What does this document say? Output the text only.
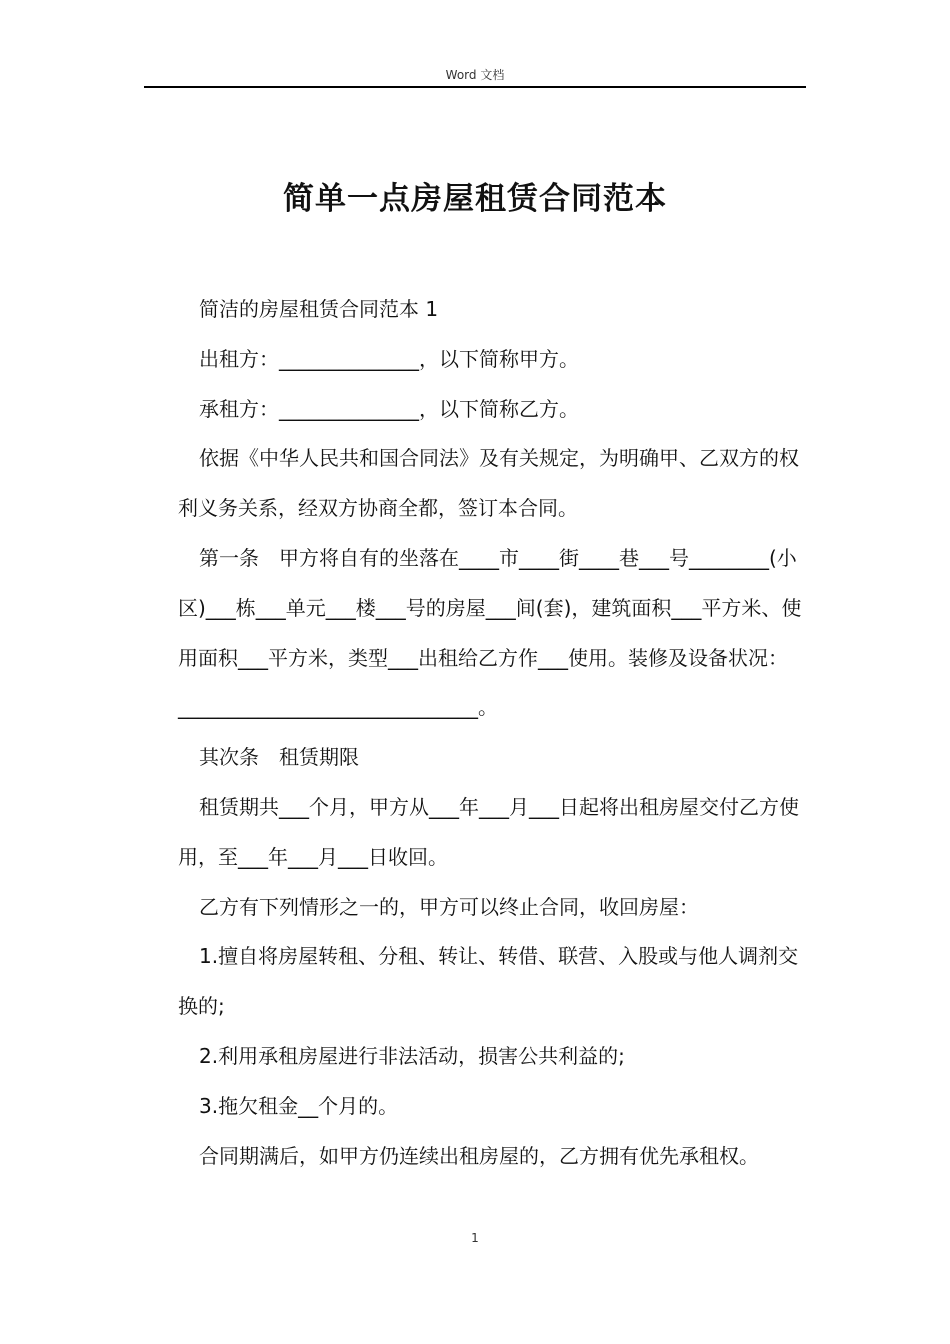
Word 文档
简单一点房屋租赁合同范本

简洁的房屋租赁合同范本 1

出租方：______________，以下简称甲方。

承租方：______________，以下简称乙方。

依据《中华人民共和国合同法》及有关规定，为明确甲、乙双方的权利义务关系，经双方协商全都，签订本合同。

第一条　甲方将自有的坐落在____市____街____巷___号________(小区)___栋___单元___楼___号的房屋___间(套)，建筑面积___平方米、使用面积___平方米，类型___出租给乙方作___使用。装修及设备状况：______________________________。

其次条　租赁期限

租赁期共___个月，甲方从___年___月___日起将出租房屋交付乙方使用，至___年___月___日收回。

乙方有下列情形之一的，甲方可以终止合同，收回房屋：

1.擅自将房屋转租、分租、转让、转借、联营、入股或与他人调剂交换的;

2.利用承租房屋进行非法活动，损害公共利益的;

3.拖欠租金__个月的。

合同期满后，如甲方仍连续出租房屋的，乙方拥有优先承租权。

1
